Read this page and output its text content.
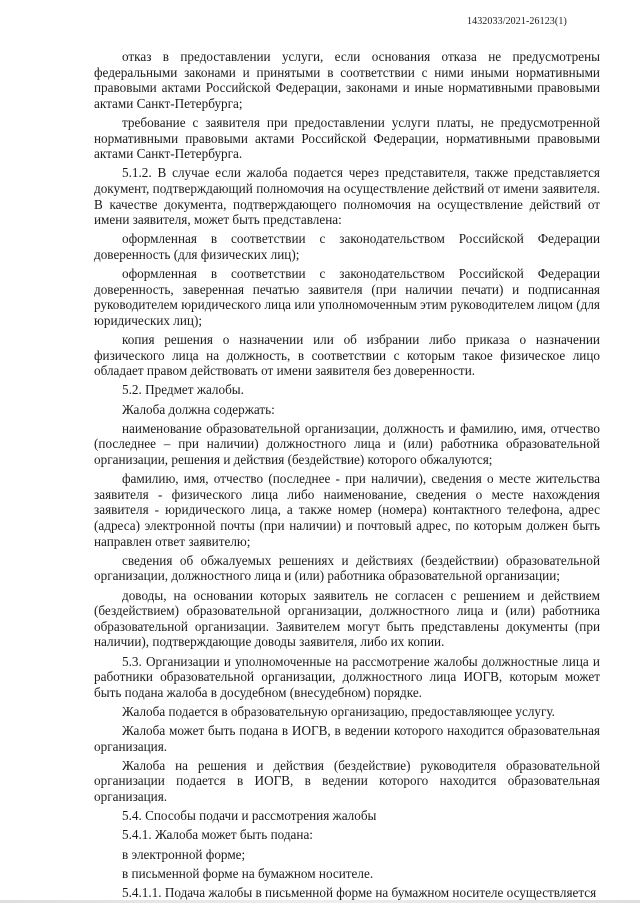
1432033/2021-26123(1)

отказ в предоставлении услуги, если основания отказа не предусмотрены федеральными законами и принятыми в соответствии с ними иными нормативными правовыми актами Российской Федерации, законами и иные нормативными правовыми актами Санкт-Петербурга;

требование с заявителя при предоставлении услуги платы, не предусмотренной нормативными правовыми актами Российской Федерации, нормативными правовыми актами Санкт-Петербурга.

5.1.2. В случае если жалоба подается через представителя, также представляется документ, подтверждающий полномочия на осуществление действий от имени заявителя. В качестве документа, подтверждающего полномочия на осуществление действий от имени заявителя, может быть представлена:

оформленная в соответствии с законодательством Российской Федерации доверенность (для физических лиц);

оформленная в соответствии с законодательством Российской Федерации доверенность, заверенная печатью заявителя (при наличии печати) и подписанная руководителем юридического лица или уполномоченным этим руководителем лицом (для юридических лиц);

копия решения о назначении или об избрании либо приказа о назначении физического лица на должность, в соответствии с которым такое физическое лицо обладает правом действовать от имени заявителя без доверенности.

5.2. Предмет жалобы.

Жалоба должна содержать:

наименование образовательной организации, должность и фамилию, имя, отчество (последнее – при наличии) должностного лица и (или) работника образовательной организации, решения и действия (бездействие) которого обжалуются;

фамилию, имя, отчество (последнее - при наличии), сведения о месте жительства заявителя - физического лица либо наименование, сведения о месте нахождения заявителя - юридического лица, а также номер (номера) контактного телефона, адрес (адреса) электронной почты (при наличии) и почтовый адрес, по которым должен быть направлен ответ заявителю;

сведения об обжалуемых решениях и действиях (бездействии) образовательной организации, должностного лица и (или) работника образовательной организации;

доводы, на основании которых заявитель не согласен с решением и действием (бездействием) образовательной организации, должностного лица и (или) работника образовательной организации. Заявителем могут быть представлены документы (при наличии), подтверждающие доводы заявителя, либо их копии.

5.3. Организации и уполномоченные на рассмотрение жалобы должностные лица и работники образовательной организации, должностного лица ИОГВ, которым может быть подана жалоба в досудебном (внесудебном) порядке.

Жалоба подается в образовательную организацию, предоставляющее услугу.

Жалоба может быть подана в ИОГВ, в ведении которого находится образовательная организация.

Жалоба на решения и действия (бездействие) руководителя образовательной организации подается в ИОГВ, в ведении которого находится образовательная организация.

5.4. Способы подачи и рассмотрения жалобы

5.4.1. Жалоба может быть подана:

в электронной форме;

в письменной форме на бумажном носителе.

5.4.1.1. Подача жалобы в письменной форме на бумажном носителе осуществляется
